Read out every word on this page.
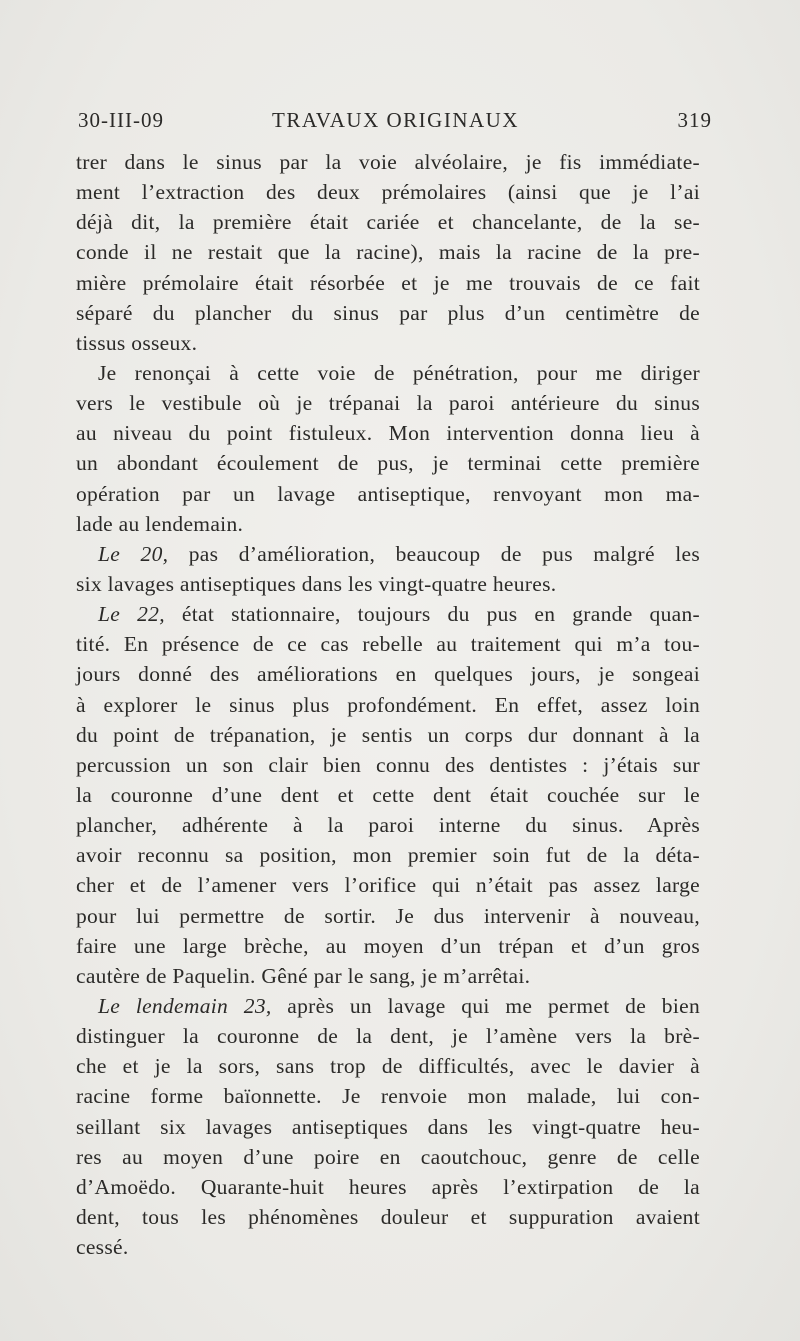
30-III-09	TRAVAUX ORIGINAUX	319
trer dans le sinus par la voie alvéolaire, je fis immédiate-
ment l’extraction des deux prémolaires (ainsi que je l’ai
déjà dit, la première était cariée et chancelante, de la se-
conde il ne restait que la racine), mais la racine de la pre-
mière prémolaire était résorbée et je me trouvais de ce fait
séparé du plancher du sinus par plus d’un centimètre de
tissus osseux.
Je renonçai à cette voie de pénétration, pour me diriger
vers le vestibule où je trépanai la paroi antérieure du sinus
au niveau du point fistuleux. Mon intervention donna lieu à
un abondant écoulement de pus, je terminai cette première
opération par un lavage antiseptique, renvoyant mon ma-
lade au lendemain.
Le 20, pas d’amélioration, beaucoup de pus malgré les
six lavages antiseptiques dans les vingt-quatre heures.
Le 22, état stationnaire, toujours du pus en grande quan-
tité. En présence de ce cas rebelle au traitement qui m’a tou-
jours donné des améliorations en quelques jours, je songeai
à explorer le sinus plus profondément. En effet, assez loin
du point de trépanation, je sentis un corps dur donnant à la
percussion un son clair bien connu des dentistes : j’étais sur
la couronne d’une dent et cette dent était couchée sur le
plancher, adhérente à la paroi interne du sinus. Après
avoir reconnu sa position, mon premier soin fut de la déta-
cher et de l’amener vers l’orifice qui n’était pas assez large
pour lui permettre de sortir. Je dus intervenir à nouveau,
faire une large brèche, au moyen d’un trépan et d’un gros
cautère de Paquelin. Gêné par le sang, je m’arrêtai.
Le lendemain 23, après un lavage qui me permet de bien
distinguer la couronne de la dent, je l’amène vers la brè-
che et je la sors, sans trop de difficultés, avec le davier à
racine forme baïonnette. Je renvoie mon malade, lui con-
seillant six lavages antiseptiques dans les vingt-quatre heu-
res au moyen d’une poire en caoutchouc, genre de celle
d’Amoëdo. Quarante-huit heures après l’extirpation de la
dent, tous les phénomènes douleur et suppuration avaient
cessé.
